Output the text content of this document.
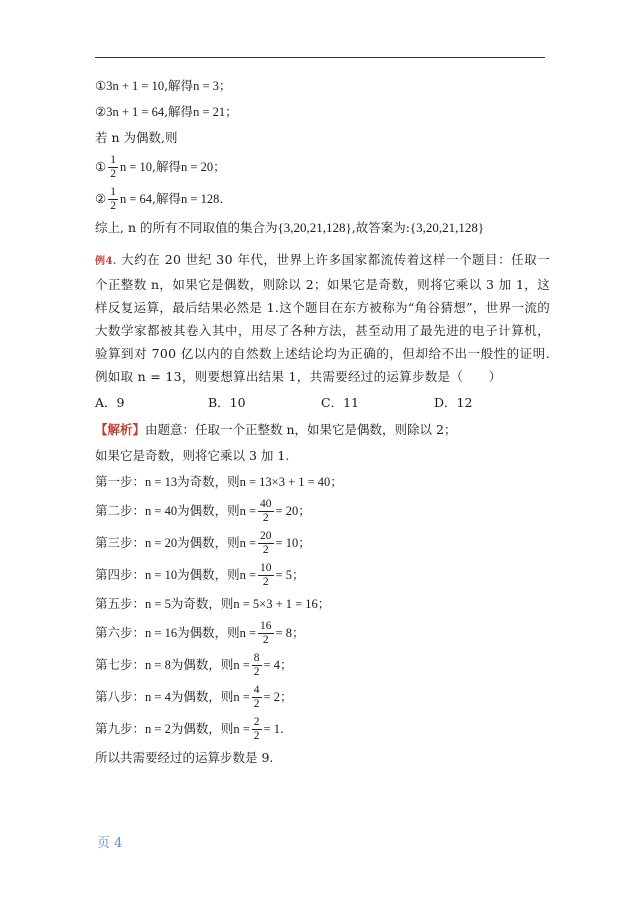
① 3n + 1 = 10 ,解得 n = 3 ；
② 3n + 1 = 64 ,解得 n = 21 ；
若 n 为偶数,则
① $\frac{1}{2}$ n = 10 ,解得 n = 20 ；
② $\frac{1}{2}$ n = 64 ,解得 n = 128 .
综上, n 的所有不同取值的集合为 {3,20,21,128} ,故答案为: {3,20,21,128}
例4. 大约在 20 世纪 30 年代，世界上许多国家都流传着这样一个题目：任取一个正整数 n，如果它是偶数，则除以 2；如果它是奇数，则将它乘以 3 加 1，这样反复运算，最后结果必然是 1.这个题目在东方被称为“角谷猜想”，世界一流的大数学家都被其卷入其中，用尽了各种方法，甚至动用了最先进的电子计算机，验算到对 700 亿以内的自然数上述结论均为正确的，但却给不出一般性的证明.例如取 n = 13，则要想算出结果 1，共需要经过的运算步数是（　　）
A．9	B．10	C．11	D．12
【解析】 由题意：任取一个正整数 n，如果它是偶数，则除以 2；
如果它是奇数，则将它乘以 3 加 1.
第一步： n = 13 为奇数，则 n = 13×3 + 1 = 40 ；
第二步： n = 40 为偶数，则 $n = \frac{40}{2} = 20$ ；
第三步： n = 20 为偶数，则 $n = \frac{20}{2} = 10$ ；
第四步： n = 10 为偶数，则 $n = \frac{10}{2} = 5$ ；
第五步： n = 5 为奇数，则 n = 5×3 + 1 = 16 ；
第六步： n = 16 为偶数，则 $n = \frac{16}{2} = 8$ ；
第七步： n = 8 为偶数，则 $n = \frac{8}{2} = 4$ ；
第八步： n = 4 为偶数，则 $n = \frac{4}{2} = 2$ ；
第九步： n = 2 为偶数，则 $n = \frac{2}{2} = 1$ .
所以共需要经过的运算步数是 9.
页 4
